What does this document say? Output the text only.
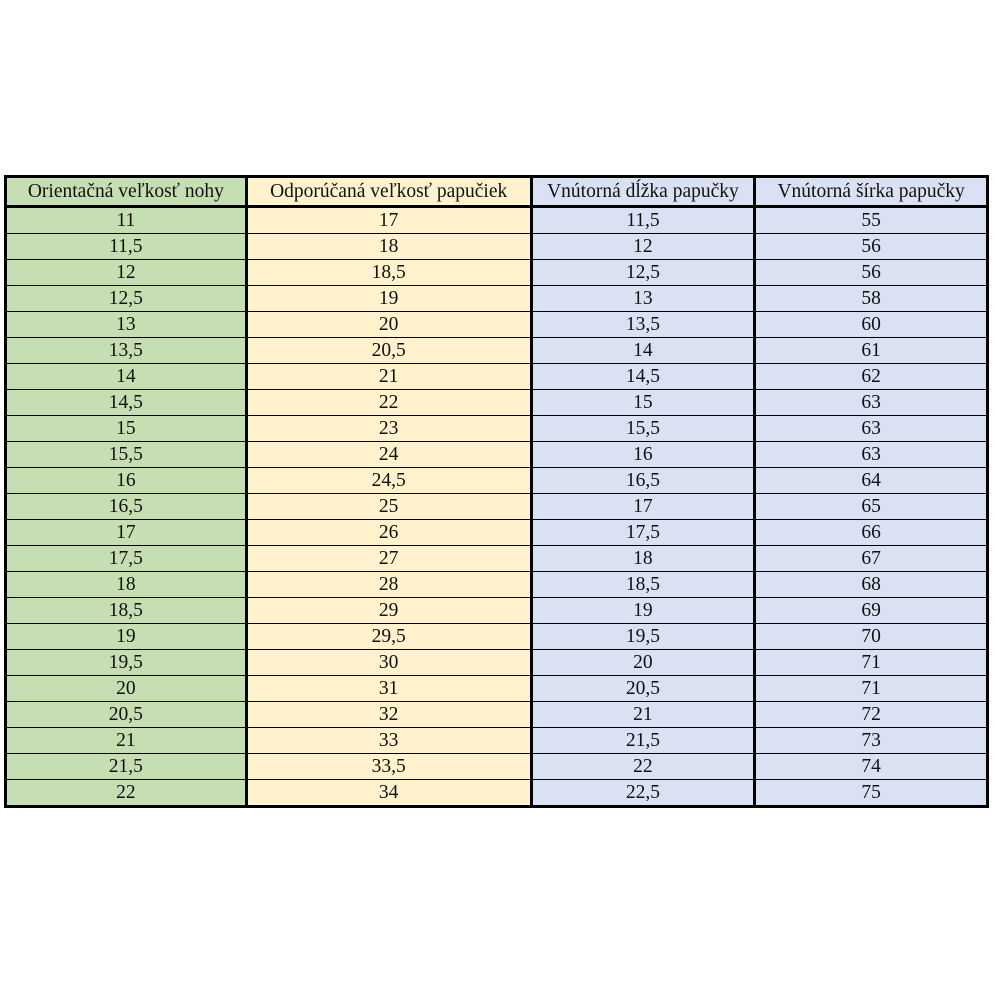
Orientačná veľkosť nohy	Odporúčaná veľkosť papučiek	Vnútorná dĺžka papučky	Vnútorná šírka papučky
11	17	11,5	55
11,5	18	12	56
12	18,5	12,5	56
12,5	19	13	58
13	20	13,5	60
13,5	20,5	14	61
14	21	14,5	62
14,5	22	15	63
15	23	15,5	63
15,5	24	16	63
16	24,5	16,5	64
16,5	25	17	65
17	26	17,5	66
17,5	27	18	67
18	28	18,5	68
18,5	29	19	69
19	29,5	19,5	70
19,5	30	20	71
20	31	20,5	71
20,5	32	21	72
21	33	21,5	73
21,5	33,5	22	74
22	34	22,5	75
